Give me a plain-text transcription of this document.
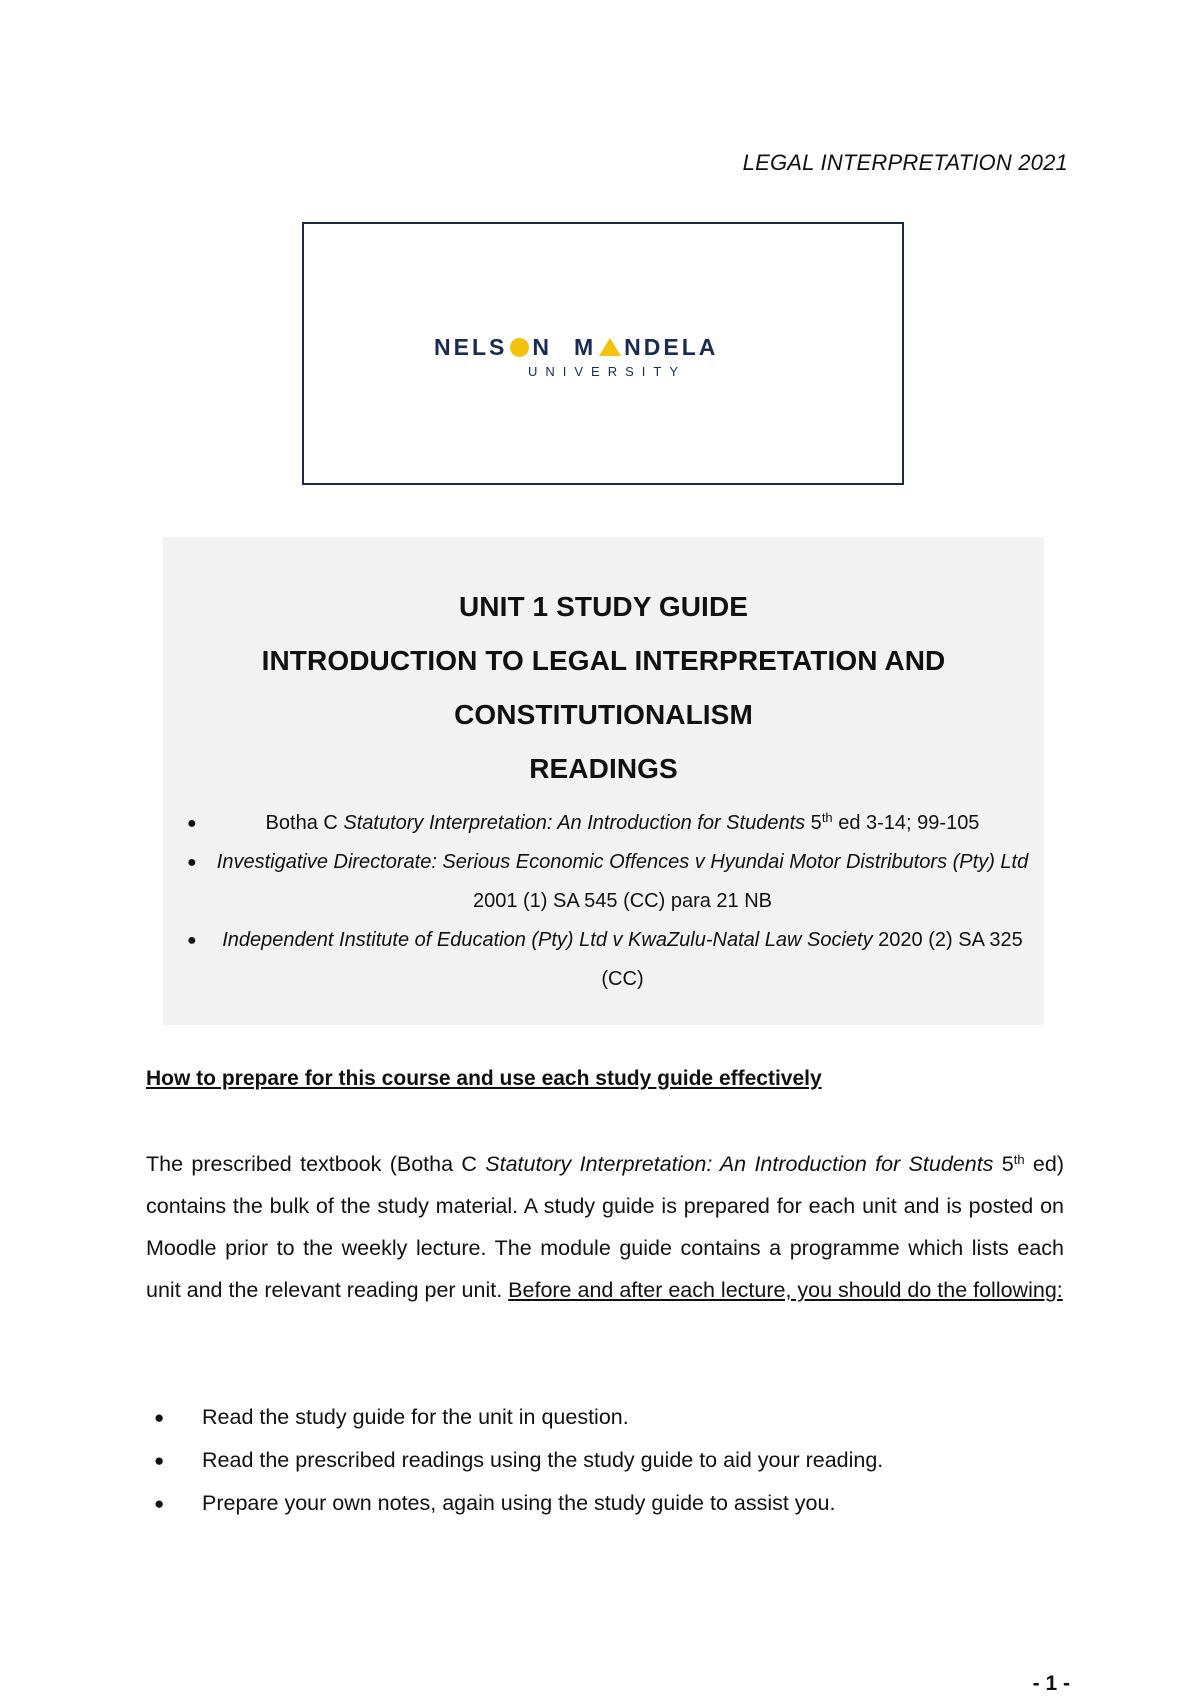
LEGAL INTERPRETATION 2021
NELS N M NDELA
UNIVERSITY

UNIT 1 STUDY GUIDE

INTRODUCTION TO LEGAL INTERPRETATION AND

CONSTITUTIONALISM

READINGS

●	Botha C Statutory Interpretation: An Introduction for Students 5th ed 3-14; 99-105
● Investigative Directorate: Serious Economic Offences v Hyundai Motor Distributors (Pty) Ltd 2001 (1) SA 545 (CC) para 21 NB
● Independent Institute of Education (Pty) Ltd v KwaZulu-Natal Law Society 2020 (2) SA 325 (CC)
How to prepare for this course and use each study guide effectively

The prescribed textbook (Botha C Statutory Interpretation: An Introduction for Students 5th ed) contains the bulk of the study material. A study guide is prepared for each unit and is posted on Moodle prior to the weekly lecture. The module guide contains a programme which lists each unit and the relevant reading per unit. Before and after each lecture, you should do the following:

● Read the study guide for the unit in question.
● Read the prescribed readings using the study guide to aid your reading.
● Prepare your own notes, again using the study guide to assist you.
- 1 -
